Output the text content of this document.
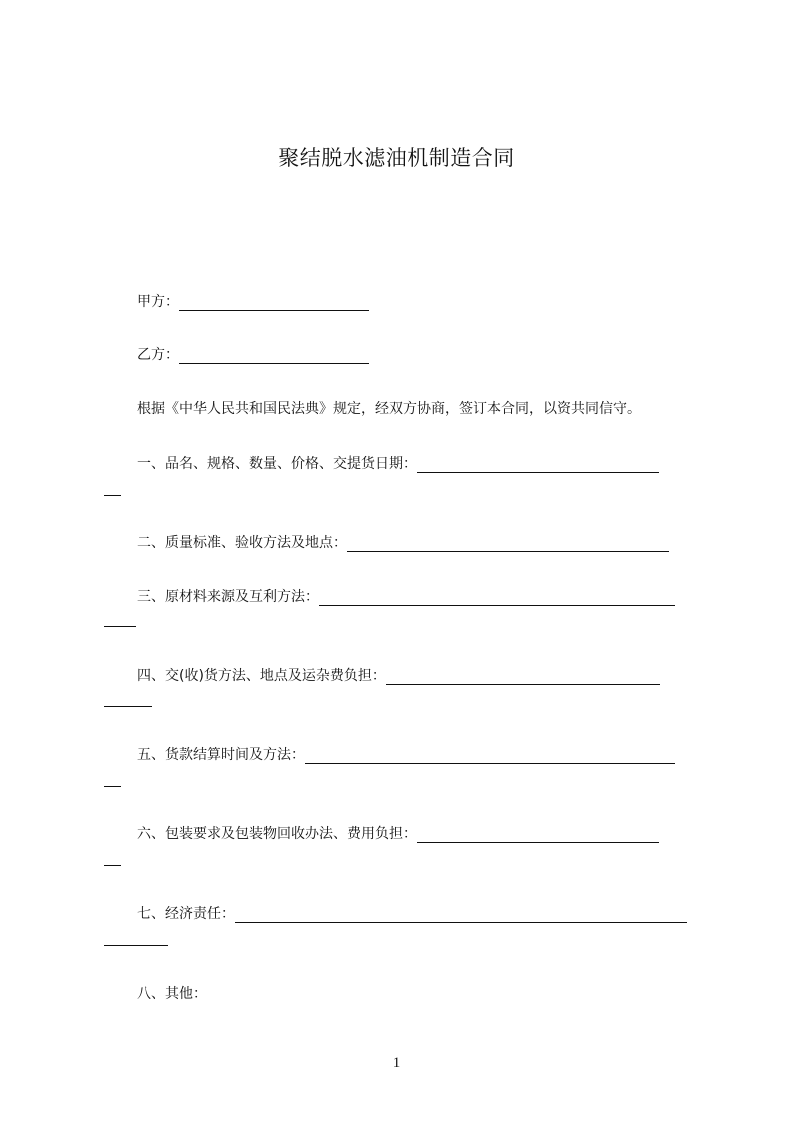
聚结脱水滤油机制造合同
甲方：
乙方：
根据《中华人民共和国民法典》规定，经双方协商，签订本合同，以资共同信守。
一、品名、规格、数量、价格、交提货日期：
二、质量标准、验收方法及地点：
三、原材料来源及互利方法：
四、交(收)货方法、地点及运杂费负担：
五、货款结算时间及方法：
六、包装要求及包装物回收办法、费用负担：
七、经济责任：
八、其他：
1
